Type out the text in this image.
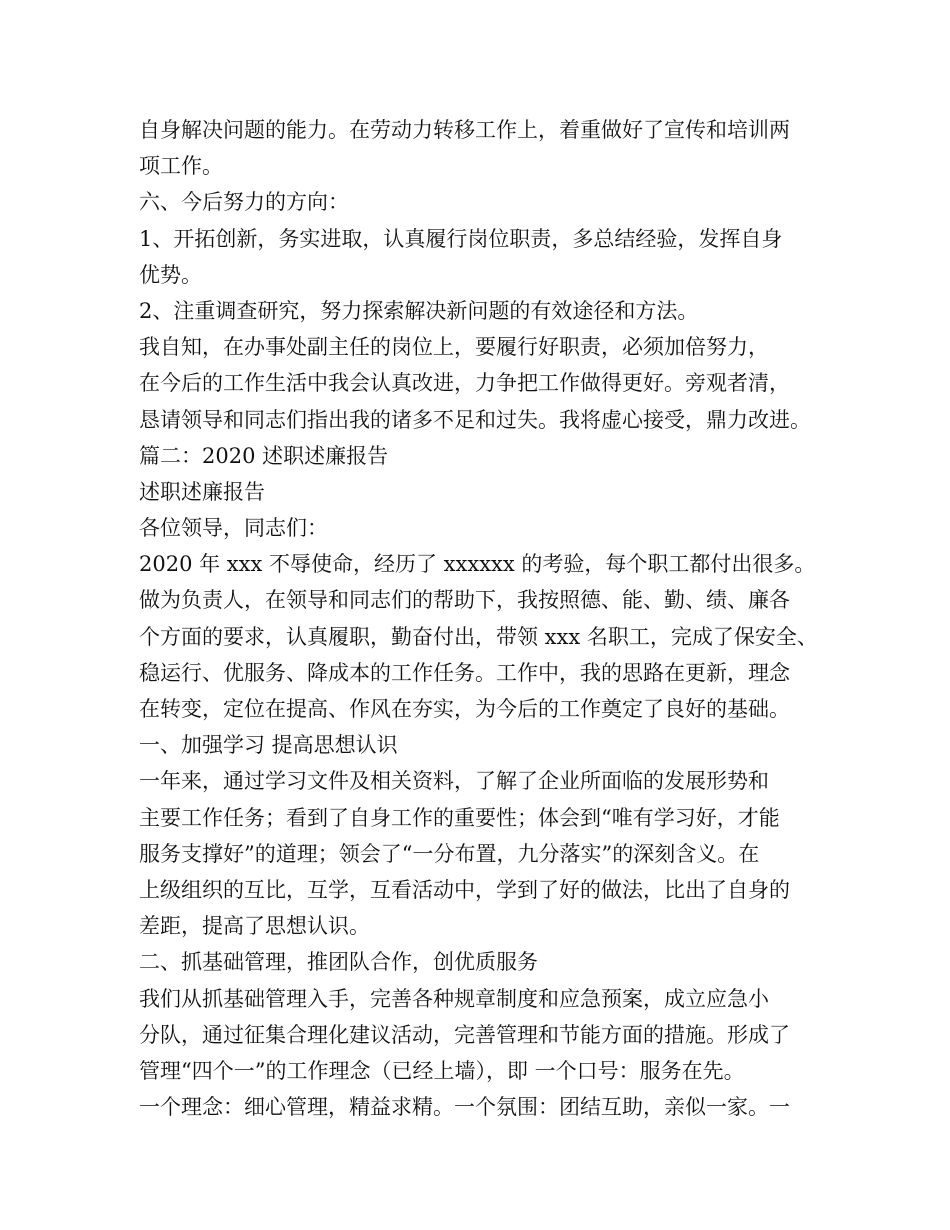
自身解决问题的能力。在劳动力转移工作上，着重做好了宣传和培训两
项工作。
六、今后努力的方向：
1、开拓创新，务实进取，认真履行岗位职责，多总结经验，发挥自身
优势。
2、注重调查研究，努力探索解决新问题的有效途径和方法。
我自知，在办事处副主任的岗位上，要履行好职责，必须加倍努力，
在今后的工作生活中我会认真改进，力争把工作做得更好。旁观者清，
恳请领导和同志们指出我的诸多不足和过失。我将虚心接受，鼎力改进。
篇二：2020 述职述廉报告
述职述廉报告
各位领导，同志们：
2020 年 xxx 不辱使命，经历了 xxxxxx 的考验，每个职工都付出很多。
做为负责人，在领导和同志们的帮助下，我按照德、能、勤、绩、廉各
个方面的要求，认真履职，勤奋付出，带领 xxx 名职工，完成了保安全、
稳运行、优服务、降成本的工作任务。工作中，我的思路在更新，理念
在转变，定位在提高、作风在夯实，为今后的工作奠定了良好的基础。
一、加强学习 提高思想认识
一年来，通过学习文件及相关资料，了解了企业所面临的发展形势和
主要工作任务；看到了自身工作的重要性；体会到“唯有学习好，才能
服务支撑好”的道理；领会了“一分布置，九分落实”的深刻含义。在
上级组织的互比，互学，互看活动中，学到了好的做法，比出了自身的
差距，提高了思想认识。
二、抓基础管理，推团队合作，创优质服务
我们从抓基础管理入手，完善各种规章制度和应急预案，成立应急小
分队，通过征集合理化建议活动，完善管理和节能方面的措施。形成了
管理“四个一”的工作理念（已经上墙），即 一个口号：服务在先。
一个理念：细心管理，精益求精。一个氛围：团结互助，亲似一家。一
